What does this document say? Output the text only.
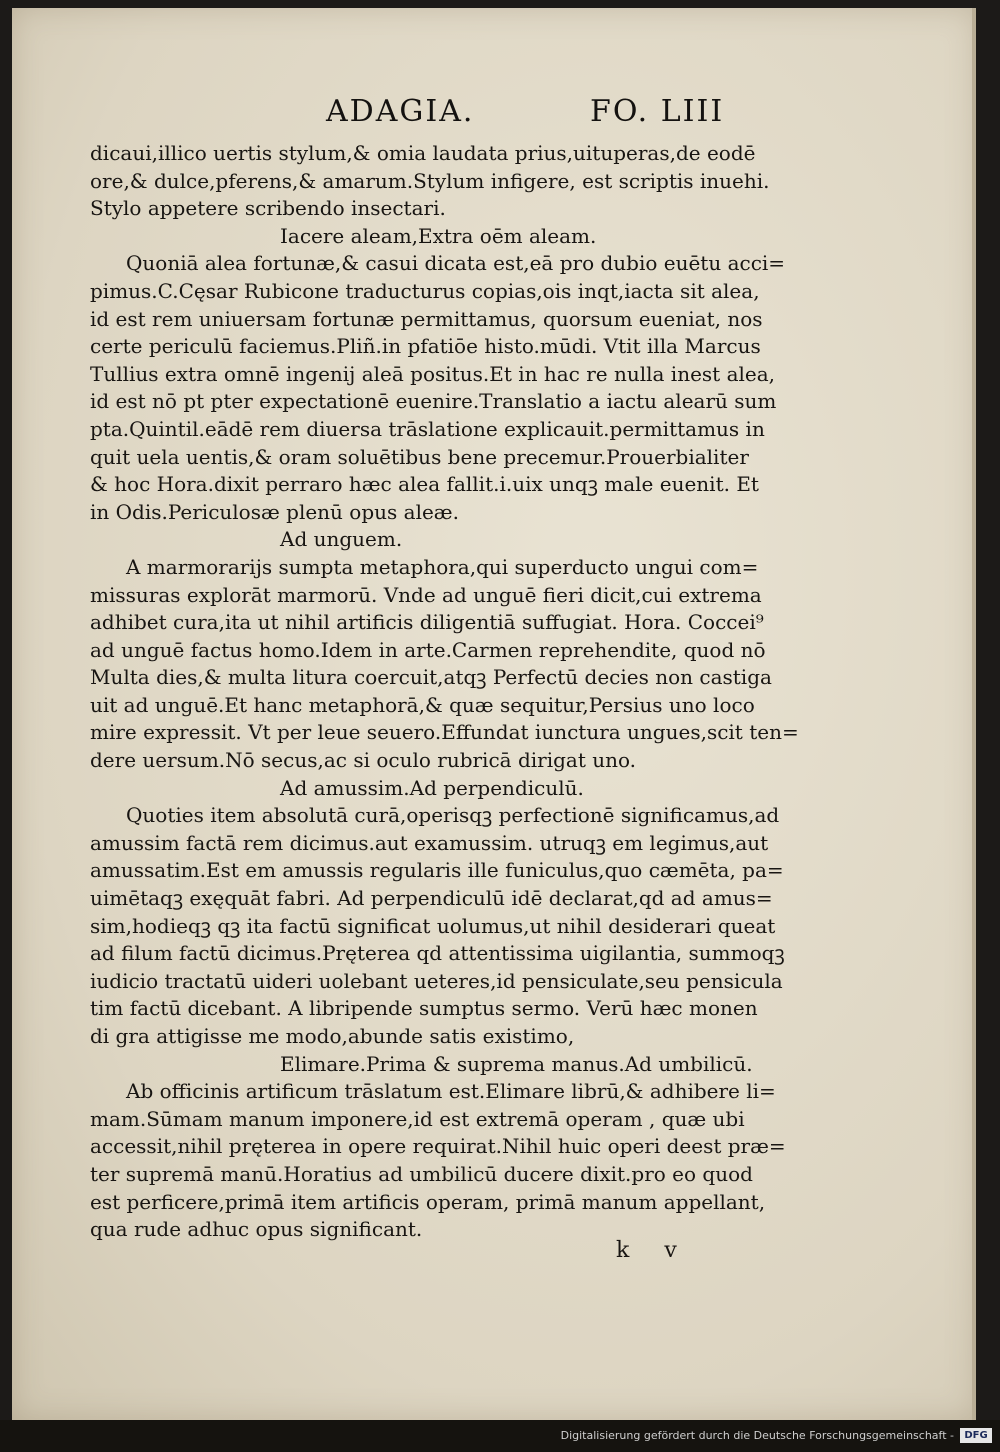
ADAGIA.	FO. LIII
dicaui,illico uertis stylum,& omia laudata prius,uituperas,de eodē
ore,& dulce,pferens,& amarum.Stylum infigere, est scriptis inuehi.
Stylo appetere scribendo insectari.
Iacere aleam,Extra oēm aleam.
Quoniā alea fortunæ,& casui dicata est,eā pro dubio euētu acci=
pimus.C.Cęsar Rubicone traducturus copias,ois inqt,iacta sit alea,
id est rem uniuersam fortunæ permittamus, quorsum eueniat, nos
certe periculū faciemus.Pliñ.in pfatiōe histo.mūdi. Vtit illa Marcus
Tullius extra omnē ingenij aleā positus.Et in hac re nulla inest alea,
id est nō pt pter expectationē euenire.Translatio a iactu alearū sum
pta.Quintil.eādē rem diuersa trāslatione explicauit.permittamus in
quit uela uentis,& oram soluētibus bene precemur.Prouerbialiter
& hoc Hora.dixit perraro hæc alea fallit.i.uix unqꝫ male euenit. Et
in Odis.Periculosæ plenū opus aleæ.
Ad unguem.
A marmorarijs sumpta metaphora,qui superducto ungui com=
missuras explorāt marmorū. Vnde ad unguē fieri dicit,cui extrema
adhibet cura,ita ut nihil artificis diligentiā suffugiat. Hora. Coccei⁹
ad unguē factus homo.Idem in arte.Carmen reprehendite, quod nō
Multa dies,& multa litura coercuit,atqꝫ Perfectū decies non castiga
uit ad unguē.Et hanc metaphorā,& quæ sequitur,Persius uno loco
mire expressit. Vt per leue seuero.Effundat iunctura ungues,scit ten=
dere uersum.Nō secus,ac si oculo rubricā dirigat uno.
Ad amussim.Ad perpendiculū.
Quoties item absolutā curā,operisqꝫ perfectionē significamus,ad
amussim factā rem dicimus.aut examussim. utruqꝫ em legimus,aut
amussatim.Est em amussis regularis ille funiculus,quo cæmēta, pa=
uimētaqꝫ exęquāt fabri. Ad perpendiculū idē declarat,qd ad amus=
sim,hodieqꝫ qꝫ ita factū significat uolumus,ut nihil desiderari queat
ad filum factū dicimus.Pręterea qd attentissima uigilantia, summoqꝫ
iudicio tractatū uideri uolebant ueteres,id pensiculate,seu pensicula
tim factū dicebant. A libripende sumptus sermo. Verū hæc monen
di gra attigisse me modo,abunde satis existimo,
Elimare.Prima & suprema manus.Ad umbilicū.
Ab officinis artificum trāslatum est.Elimare librū,& adhibere li=
mam.Sūmam manum imponere,id est extremā operam , quæ ubi
accessit,nihil pręterea in opere requirat.Nihil huic operi deest præ=
ter supremā manū.Horatius ad umbilicū ducere dixit.pro eo quod
est perficere,primā item artificis operam, primā manum appellant,
qua rude adhuc opus significant.
k v
Digitalisierung gefördert durch die Deutsche Forschungsgemeinschaft -	DFG
